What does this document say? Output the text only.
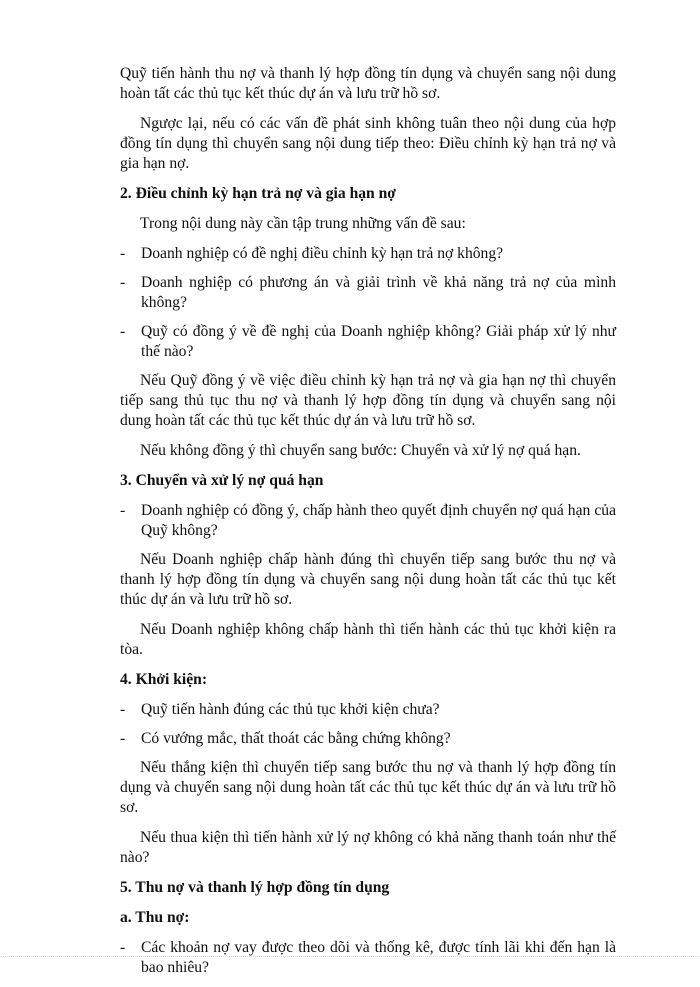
Quỹ tiến hành thu nợ và thanh lý hợp đồng tín dụng và chuyển sang nội dung hoàn tất các thủ tục kết thúc dự án và lưu trữ hồ sơ.

Ngược lại, nếu có các vấn đề phát sinh không tuân theo nội dung của hợp đồng tín dụng thì chuyển sang nội dung tiếp theo: Điều chỉnh kỳ hạn trả nợ và gia hạn nợ.

2. Điều chỉnh kỳ hạn trả nợ và gia hạn nợ

Trong nội dung này cần tập trung những vấn đề sau:

- Doanh nghiệp có đề nghị điều chỉnh kỳ hạn trả nợ không?

- Doanh nghiệp có phương án và giải trình về khả năng trả nợ của mình không?

- Quỹ có đồng ý về đề nghị của Doanh nghiệp không? Giải pháp xử lý như thế nào?

Nếu Quỹ đồng ý về việc điều chỉnh kỳ hạn trả nợ và gia hạn nợ thì chuyển tiếp sang thủ tục thu nợ và thanh lý hợp đồng tín dụng và chuyển sang nội dung hoàn tất các thủ tục kết thúc dự án và lưu trữ hồ sơ.

Nếu không đồng ý thì chuyển sang bước: Chuyển và xử lý nợ quá hạn.

3. Chuyển và xử lý nợ quá hạn

- Doanh nghiệp có đồng ý, chấp hành theo quyết định chuyển nợ quá hạn của Quỹ không?

Nếu Doanh nghiệp chấp hành đúng thì chuyển tiếp sang bước thu nợ và thanh lý hợp đồng tín dụng và chuyển sang nội dung hoàn tất các thủ tục kết thúc dự án và lưu trữ hồ sơ.

Nếu Doanh nghiệp không chấp hành thì tiến hành các thủ tục khởi kiện ra tòa.

4. Khởi kiện:

- Quỹ tiến hành đúng các thủ tục khởi kiện chưa?

- Có vướng mắc, thất thoát các bằng chứng không?

Nếu thắng kiện thì chuyển tiếp sang bước thu nợ và thanh lý hợp đồng tín dụng và chuyển sang nội dung hoàn tất các thủ tục kết thúc dự án và lưu trữ hồ sơ.

Nếu thua kiện thì tiến hành xử lý nợ không có khả năng thanh toán như thế nào?

5. Thu nợ và thanh lý hợp đồng tín dụng

a. Thu nợ:

- Các khoản nợ vay được theo dõi và thống kê, được tính lãi khi đến hạn là bao nhiêu?
